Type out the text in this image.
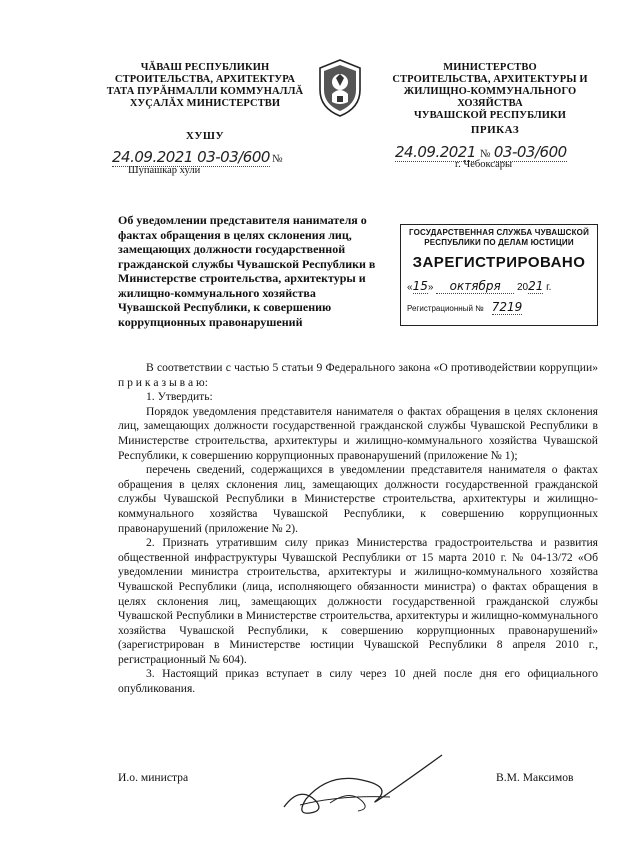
ЧĂВАШ РЕСПУБЛИКИН
СТРОИТЕЛЬСТВА, АРХИТЕКТУРА
ТАТА ПУРĂНМАЛЛИ КОММУНАЛЛĂ
ХУÇАЛĂХ МИНИСТЕРСТВИ
ХУШУ
24.09.2021 03-03/600 №
Шупашкар хули
МИНИСТЕРСТВО
СТРОИТЕЛЬСТВА, АРХИТЕКТУРЫ И
ЖИЛИЩНО-КОММУНАЛЬНОГО ХОЗЯЙСТВА
ЧУВАШСКОЙ РЕСПУБЛИКИ
ПРИКАЗ
24.09.2021 № 03-03/600
г. Чебоксары
Об уведомлении представителя нанимателя о фактах обращения в целях склонения лиц, замещающих должности государственной гражданской службы Чувашской Республики в Министерстве строительства, архитектуры и жилищно-коммунального хозяйства Чувашской Республики, к совершению коррупционных правонарушений
ГОСУДАРСТВЕННАЯ СЛУЖБА ЧУВАШСКОЙ
РЕСПУБЛИКИ ПО ДЕЛАМ ЮСТИЦИИ
ЗАРЕГИСТРИРОВАНО
«15» октября 2021 г.
Регистрационный № 7219

В соответствии с частью 5 статьи 9 Федерального закона «О противодействии коррупции» п р и к а з ы в а ю:

1. Утвердить:

Порядок уведомления представителя нанимателя о фактах обращения в целях склонения лиц, замещающих должности государственной гражданской службы Чувашской Республики в Министерстве строительства, архитектуры и жилищно-коммунального хозяйства Чувашской Республики, к совершению коррупционных правонарушений (приложение № 1);

перечень сведений, содержащихся в уведомлении представителя нанимателя о фактах обращения в целях склонения лиц, замещающих должности государственной гражданской службы Чувашской Республики в Министерстве строительства, архитектуры и жилищно-коммунального хозяйства Чувашской Республики, к совершению коррупционных правонарушений (приложение № 2).

2. Признать утратившим силу приказ Министерства градостроительства и развития общественной инфраструктуры Чувашской Республики от 15 марта 2010 г. № 04-13/72 «Об уведомлении министра строительства, архитектуры и жилищно-коммунального хозяйства Чувашской Республики (лица, исполняющего обязанности министра) о фактах обращения в целях склонения лиц, замещающих должности государственной гражданской службы Чувашской Республики в Министерстве строительства, архитектуры и жилищно-коммунального хозяйства Чувашской Республики, к совершению коррупционных правонарушений» (зарегистрирован в Министерстве юстиции Чувашской Республики 8 апреля 2010 г., регистрационный № 604).

3. Настоящий приказ вступает в силу через 10 дней после дня его официального опубликования.

И.о. министра	В.М. Максимов
